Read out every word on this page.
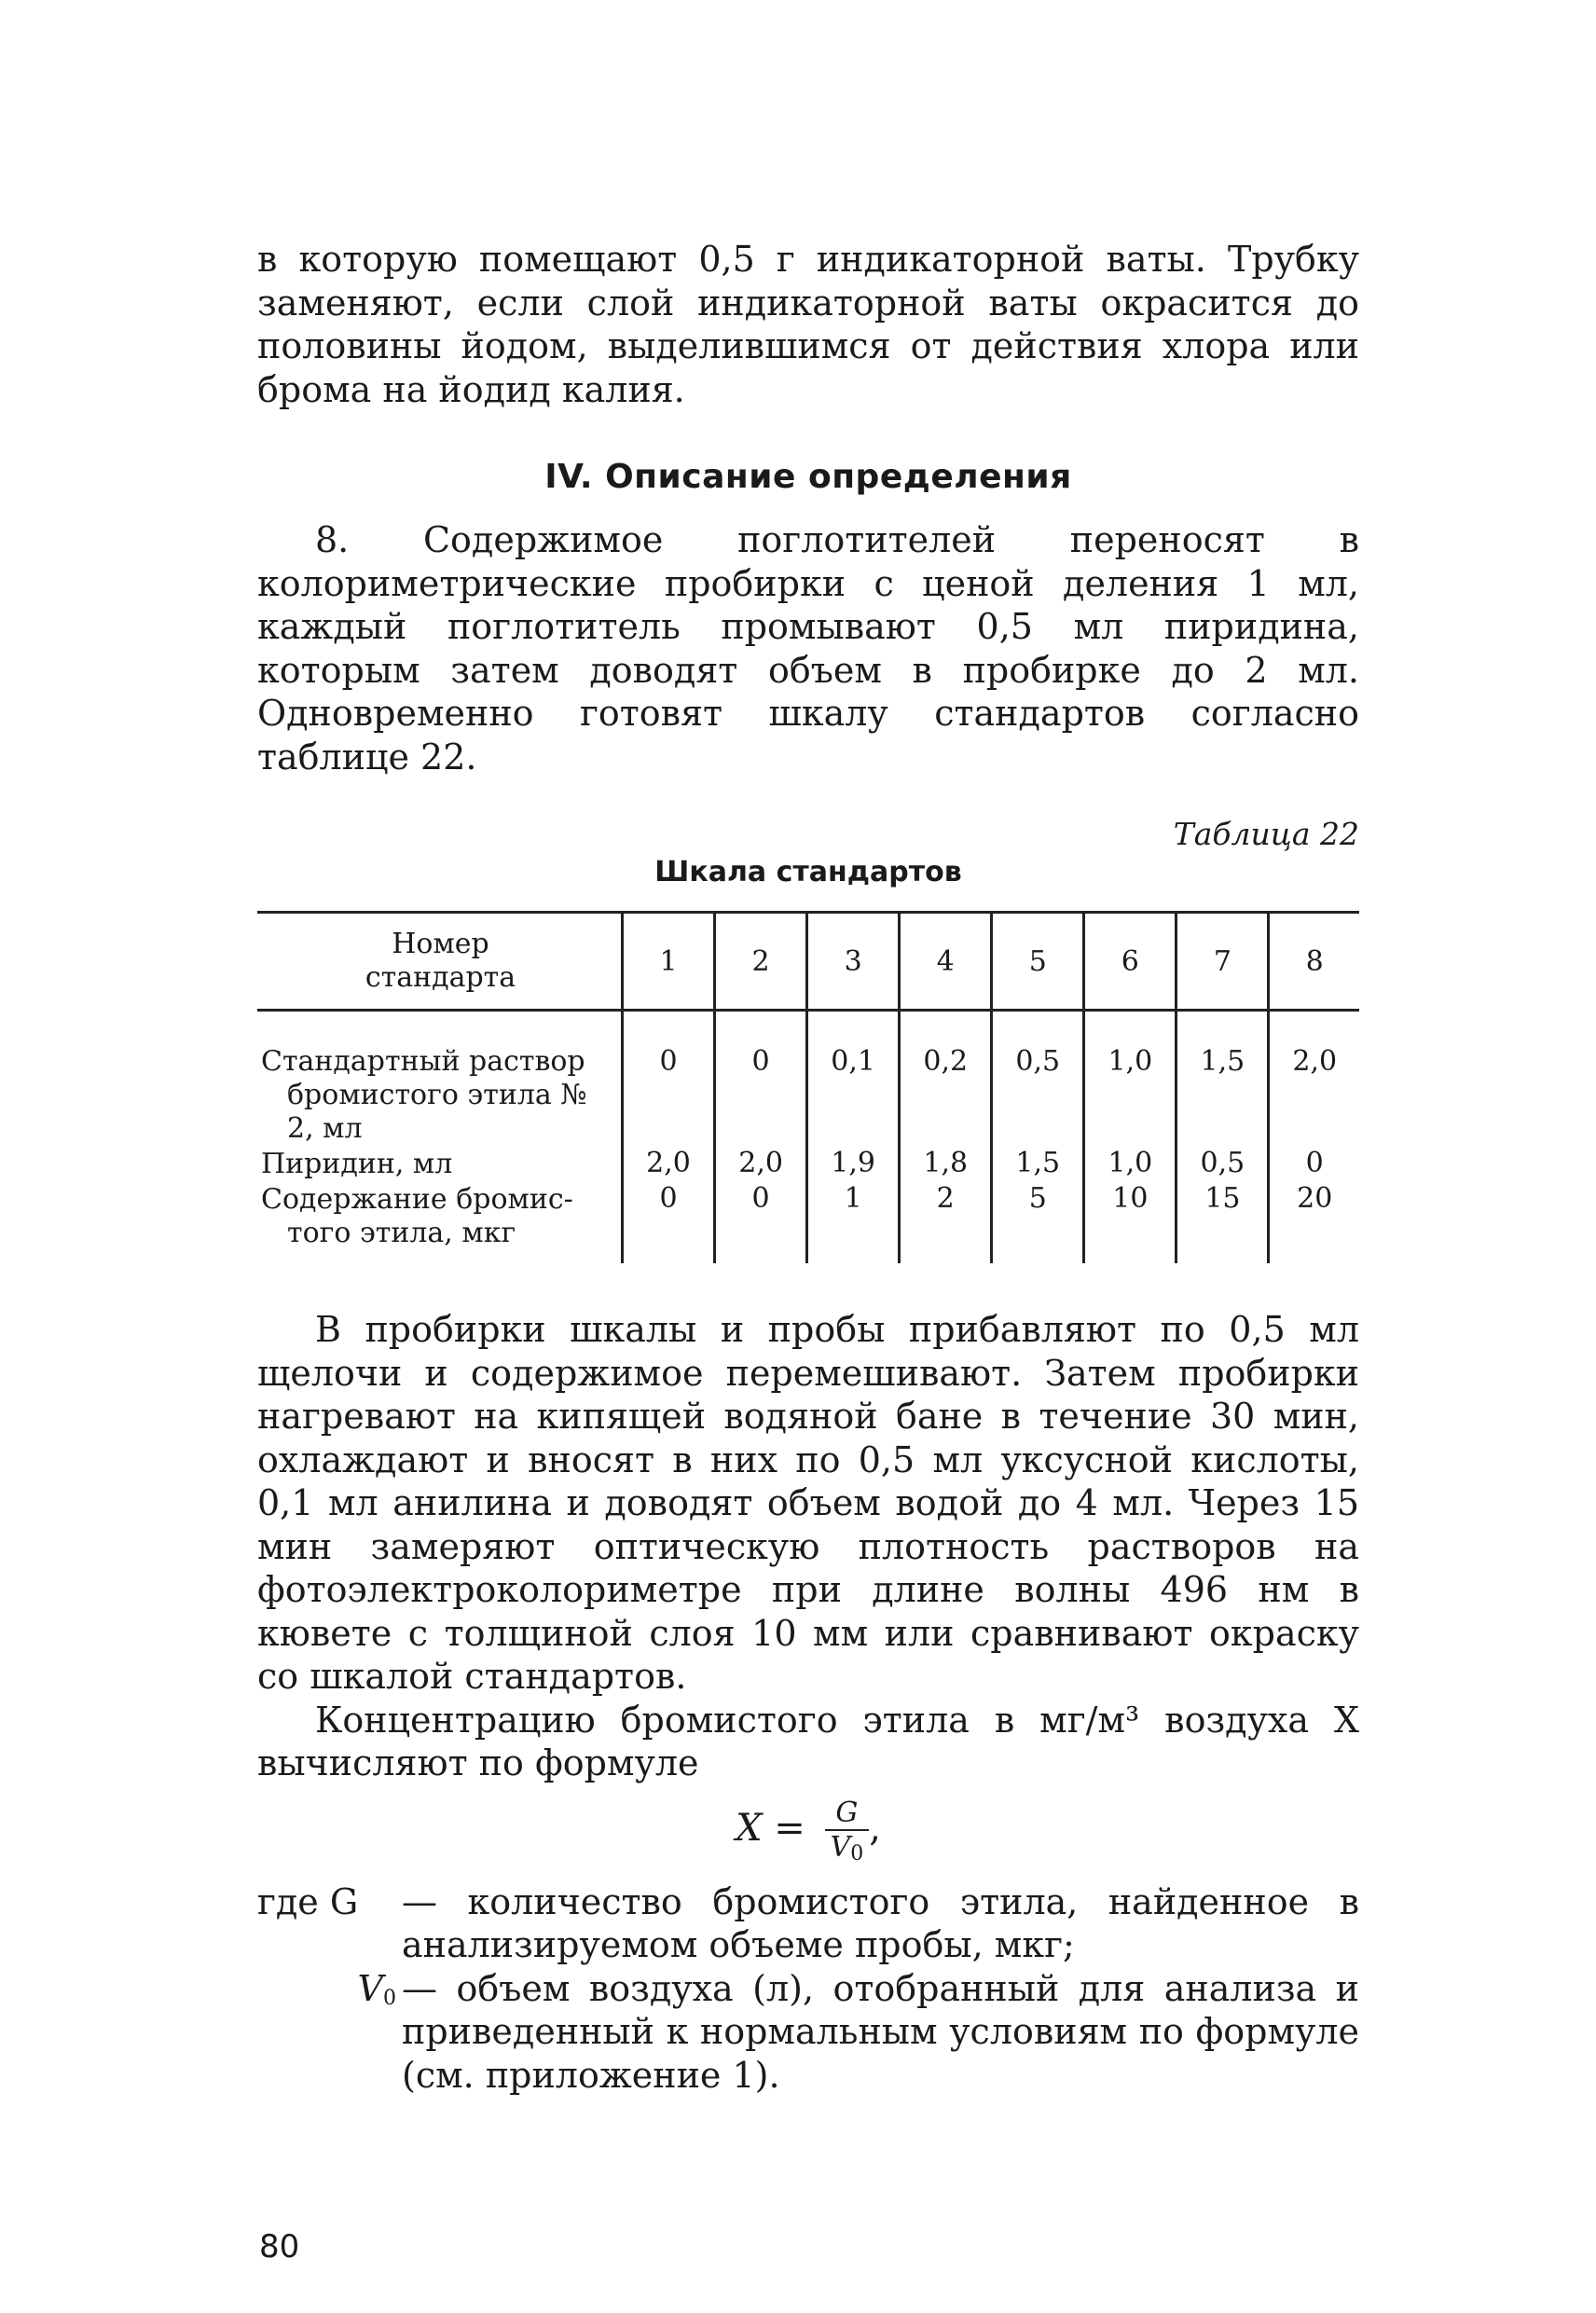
в которую помещают 0,5 г индикаторной ваты. Трубку заменяют, если слой индикаторной ваты окрасится до половины йодом, выделившимся от действия хлора или брома на йодид калия.

IV. Описание определения

8. Содержимое поглотителей переносят в колориметрические пробирки с ценой деления 1 мл, каждый поглотитель промывают 0,5 мл пиридина, которым затем доводят объем в пробирке до 2 мл. Одновременно готовят шкалу стандартов согласно таблице 22.

Таблица 22
Шкала стандартов
Номер
стандарта	1	2	3	4	5	6	7	8
Стандартный раствор
бромистого этила № 2, мл	0	0	0,1	0,2	0,5	1,0	1,5	2,0
Пиридин, мл	2,0	2,0	1,9	1,8	1,5	1,0	0,5	0
Содержание бромис-
того этила, мкг	0	0	1	2	5	10	15	20

В пробирки шкалы и пробы прибавляют по 0,5 мл щелочи и содержимое перемешивают. Затем пробирки нагревают на кипящей водяной бане в течение 30 мин, охлаждают и вносят в них по 0,5 мл уксусной кислоты, 0,1 мл анилина и доводят объем водой до 4 мл. Через 15 мин замеряют оптическую плотность растворов на фотоэлектроколориметре при длине волны 496 нм в кювете с толщиной слоя 10 мм или сравнивают окраску со шкалой стандартов.

Концентрацию бромистого этила в мг/м³ воздуха X вычисляют по формуле

$X = \frac{G}{V0}$ ,
где G	— количество бромистого этила, найденное в анализируемом объеме пробы, мкг;
V0 — объем воздуха (л), отобранный для анализа и приведенный к нормальным условиям по формуле (см. приложение 1).
80
